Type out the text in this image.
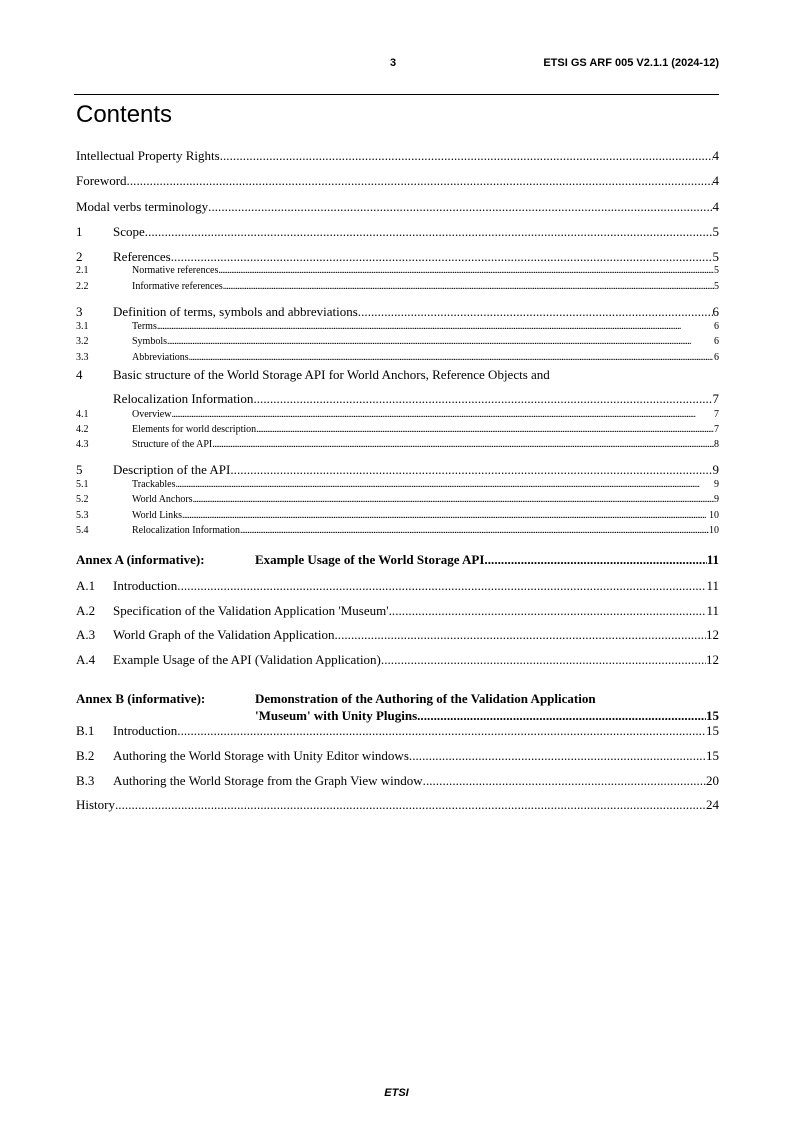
3	ETSI GS ARF 005 V2.1.1 (2024-12)
Contents
Intellectual Property Rights . . .	4
Foreword . . .	4
Modal verbs terminology . . .	4
1	Scope . . .	5
2	References . . .	5
2.1	Normative references . . .	5
2.2	Informative references . . .	5
3	Definition of terms, symbols and abbreviations . . .	6
3.1	Terms . . .	6
3.2	Symbols . . .	6
3.3	Abbreviations . . .	6
4 Basic structure of the World Storage API for World Anchors, Reference Objects and
Relocalization Information . . .	7
4.1	Overview . . .	7
4.2	Elements for world description . . .	7
4.3	Structure of the API . . .	8
5	Description of the API . . .	9
5.1	Trackables . . .	9
5.2	World Anchors . . .	9
5.3	World Links . . .	10
5.4	Relocalization Information . . .	10
Annex A (informative):	Example Usage of the World Storage API . . .	11
A.1	Introduction . . .	11
A.2	Specification of the Validation Application 'Museum' . . .	11
A.3	World Graph of the Validation Application . . .	12
A.4	Example Usage of the API (Validation Application) . . .	12
Annex B (informative):	Demonstration of the Authoring of the Validation Application
'Museum' with Unity Plugins. . . .	15
B.1	Introduction . . .	15
B.2	Authoring the World Storage with Unity Editor windows . . .	15
B.3	Authoring the World Storage from the Graph View window . . .	20
History . . .	24
ETSI
